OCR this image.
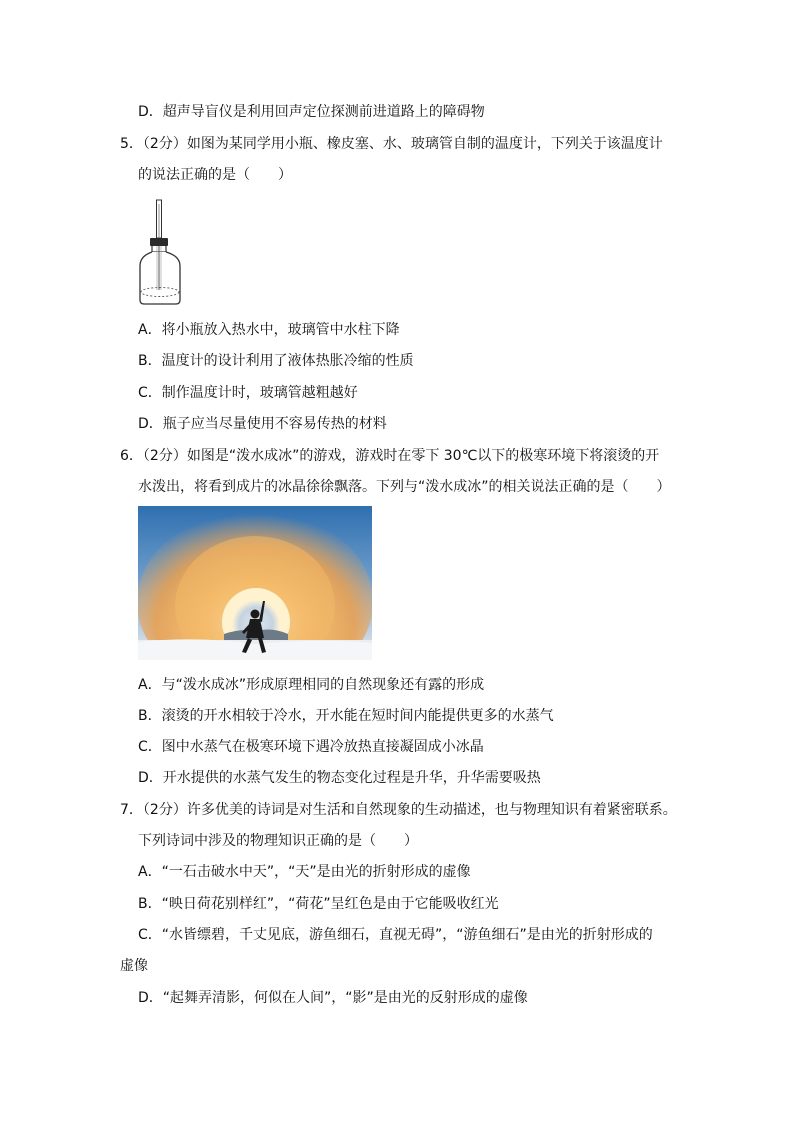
D．超声导盲仪是利用回声定位探测前进道路上的障碍物
5．（2分）如图为某同学用小瓶、橡皮塞、水、玻璃管自制的温度计，下列关于该温度计
的说法正确的是（　　）
A．将小瓶放入热水中，玻璃管中水柱下降
B．温度计的设计利用了液体热胀冷缩的性质
C．制作温度计时，玻璃管越粗越好
D．瓶子应当尽量使用不容易传热的材料
6．（2分）如图是“泼水成冰”的游戏，游戏时在零下 30℃以下的极寒环境下将滚烫的开
水泼出，将看到成片的冰晶徐徐飘落。下列与“泼水成冰”的相关说法正确的是（　　）
A．与“泼水成冰”形成原理相同的自然现象还有露的形成
B．滚烫的开水相较于冷水，开水能在短时间内能提供更多的水蒸气
C．图中水蒸气在极寒环境下遇冷放热直接凝固成小冰晶
D．开水提供的水蒸气发生的物态变化过程是升华，升华需要吸热
7．（2分）许多优美的诗词是对生活和自然现象的生动描述，也与物理知识有着紧密联系。
下列诗词中涉及的物理知识正确的是（　　）
A．“一石击破水中天”，“天”是由光的折射形成的虚像
B．“映日荷花别样红”，“荷花”呈红色是由于它能吸收红光
C．“水皆缥碧，千丈见底，游鱼细石，直视无碍”，“游鱼细石”是由光的折射形成的
虚像
D．“起舞弄清影，何似在人间”，“影”是由光的反射形成的虚像
